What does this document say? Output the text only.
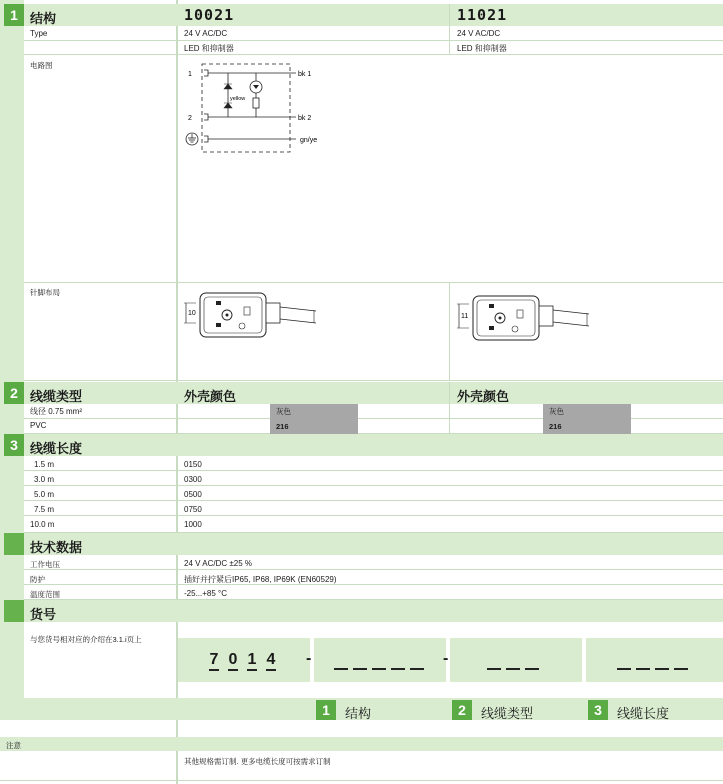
1 结构	10021	11021
Type	24 V AC/DC	24 V AC/DC
LED 和抑制器	LED 和抑制器
电路图
1
2
bk 1
bk 2
gn/ye
yellow
针脚布局
10	11
2 线缆类型	外壳颜色	外壳颜色
线径 0.75 mm²	灰色	灰色
PVC	216	216
3 线缆长度
1.5 m	0150
3.0 m	0300
5.0 m	0500
7.5 m	0750
10.0 m	1000
技术数据
工作电压	24 V AC/DC ±25 %
防护	插好并拧紧后IP65, IP68, IP69K (EN60529)
温度范围	-25...+85 °C
货号
与您货号相对应的介绍在3.1.i页上
7 0 1 4 -	-
1	结构	2	线缆类型	3	线缆长度
注意
其他规格需订制. 更多电缆长度可按需求订制
